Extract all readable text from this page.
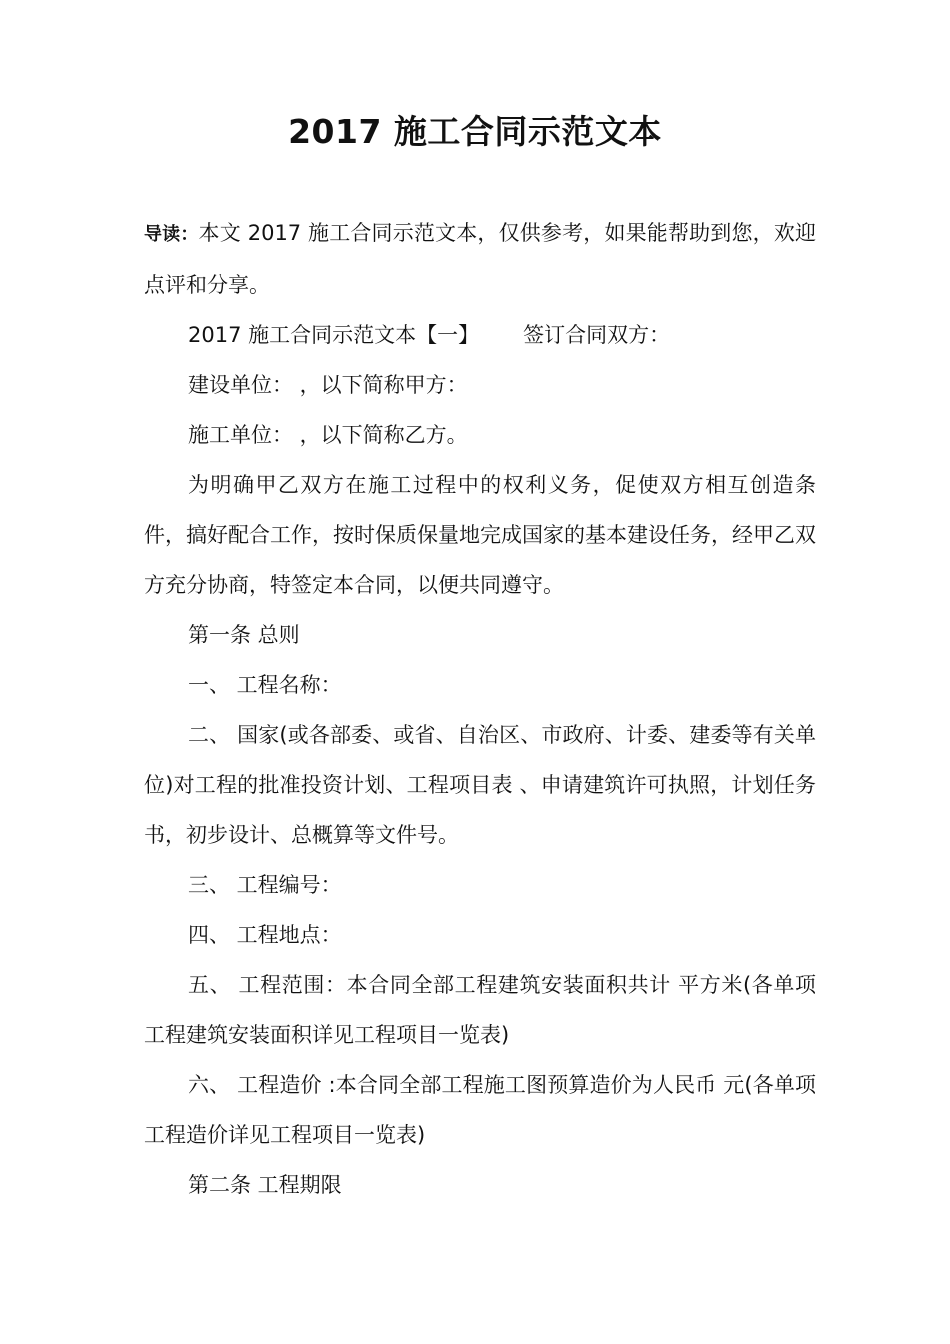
2017 施工合同示范文本

导读：本文 2017 施工合同示范文本，仅供参考，如果能帮助到您，欢迎点评和分享。

2017 施工合同示范文本【一】 签订合同双方：

建设单位： ，以下简称甲方：

施工单位： ，以下简称乙方。

为明确甲乙双方在施工过程中的权利义务，促使双方相互创造条件，搞好配合工作，按时保质保量地完成国家的基本建设任务，经甲乙双方充分协商，特签定本合同，以便共同遵守。

第一条 总则

一、 工程名称：

二、 国家(或各部委、或省、自治区、市政府、计委、建委等有关单位)对工程的批准投资计划、工程项目表 、申请建筑许可执照，计划任务书，初步设计、总概算等文件号。

三、 工程编号：

四、 工程地点：

五、 工程范围：本合同全部工程建筑安装面积共计 平方米(各单项工程建筑安装面积详见工程项目一览表)

六、 工程造价 :本合同全部工程施工图预算造价为人民币 元(各单项工程造价详见工程项目一览表)

第二条 工程期限
